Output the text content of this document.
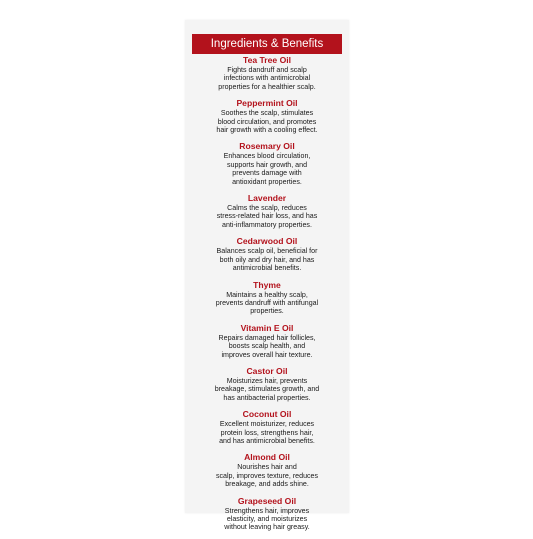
Ingredients & Benefits

Tea Tree Oil

Fights dandruff and scalp

infections with antimicrobial

properties for a healthier scalp.

Peppermint Oil

Soothes the scalp, stimulates

blood circulation, and promotes

hair growth with a cooling effect.

Rosemary Oil

Enhances blood circulation,

supports hair growth, and

prevents damage with

antioxidant properties.

Lavender

Calms the scalp, reduces

stress-related hair loss, and has

anti-inflammatory properties.

Cedarwood Oil

Balances scalp oil, beneficial for

both oily and dry hair, and has

antimicrobial benefits.

Thyme

Maintains a healthy scalp,

prevents dandruff with antifungal

properties.

Vitamin E Oil

Repairs damaged hair follicles,

boosts scalp health, and

improves overall hair texture.

Castor Oil

Moisturizes hair, prevents

breakage, stimulates growth, and

has antibacterial properties.

Coconut Oil

Excellent moisturizer, reduces

protein loss, strengthens hair,

and has antimicrobial benefits.

Almond Oil

Nourishes hair and

scalp, improves texture, reduces

breakage, and adds shine.

Grapeseed Oil

Strengthens hair, improves

elasticity, and moisturizes

without leaving hair greasy.
